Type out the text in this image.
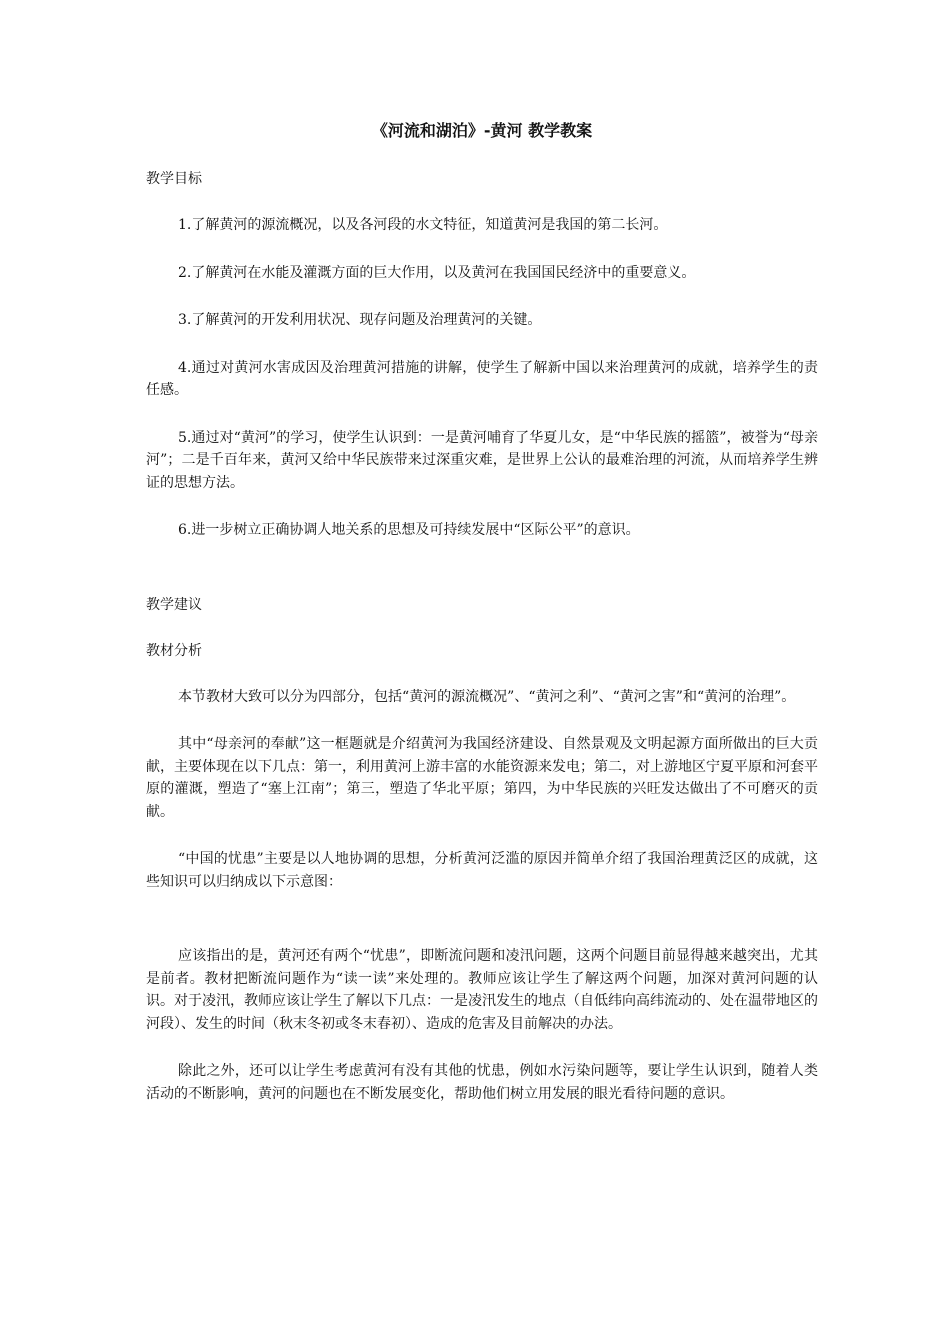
《河流和湖泊》-黄河 教学教案
教学目标

1.了解黄河的源流概况，以及各河段的水文特征，知道黄河是我国的第二长河。

2.了解黄河在水能及灌溉方面的巨大作用，以及黄河在我国国民经济中的重要意义。

3.了解黄河的开发利用状况、现存问题及治理黄河的关键。

4.通过对黄河水害成因及治理黄河措施的讲解，使学生了解新中国以来治理黄河的成就，培养学生的责任感。

5.通过对“黄河”的学习，使学生认识到：一是黄河哺育了华夏儿女，是“中华民族的摇篮”，被誉为“母亲河”；二是千百年来，黄河又给中华民族带来过深重灾难，是世界上公认的最难治理的河流，从而培养学生辨证的思想方法。

6.进一步树立正确协调人地关系的思想及可持续发展中“区际公平”的意识。

教学建议
教材分析

本节教材大致可以分为四部分，包括“黄河的源流概况”、“黄河之利”、“黄河之害”和“黄河的治理”。

其中“母亲河的奉献”这一框题就是介绍黄河为我国经济建设、自然景观及文明起源方面所做出的巨大贡献，主要体现在以下几点：第一，利用黄河上游丰富的水能资源来发电；第二，对上游地区宁夏平原和河套平原的灌溉，塑造了“塞上江南”；第三，塑造了华北平原；第四，为中华民族的兴旺发达做出了不可磨灭的贡献。

“中国的忧患”主要是以人地协调的思想，分析黄河泛滥的原因并简单介绍了我国治理黄泛区的成就，这些知识可以归纳成以下示意图：

应该指出的是，黄河还有两个“忧患”，即断流问题和凌汛问题，这两个问题目前显得越来越突出，尤其是前者。教材把断流问题作为“读一读”来处理的。教师应该让学生了解这两个问题，加深对黄河问题的认识。对于凌汛，教师应该让学生了解以下几点：一是凌汛发生的地点（自低纬向高纬流动的、处在温带地区的河段）、发生的时间（秋末冬初或冬末春初）、造成的危害及目前解决的办法。

除此之外，还可以让学生考虑黄河有没有其他的忧患，例如水污染问题等，要让学生认识到，随着人类活动的不断影响，黄河的问题也在不断发展变化，帮助他们树立用发展的眼光看待问题的意识。
